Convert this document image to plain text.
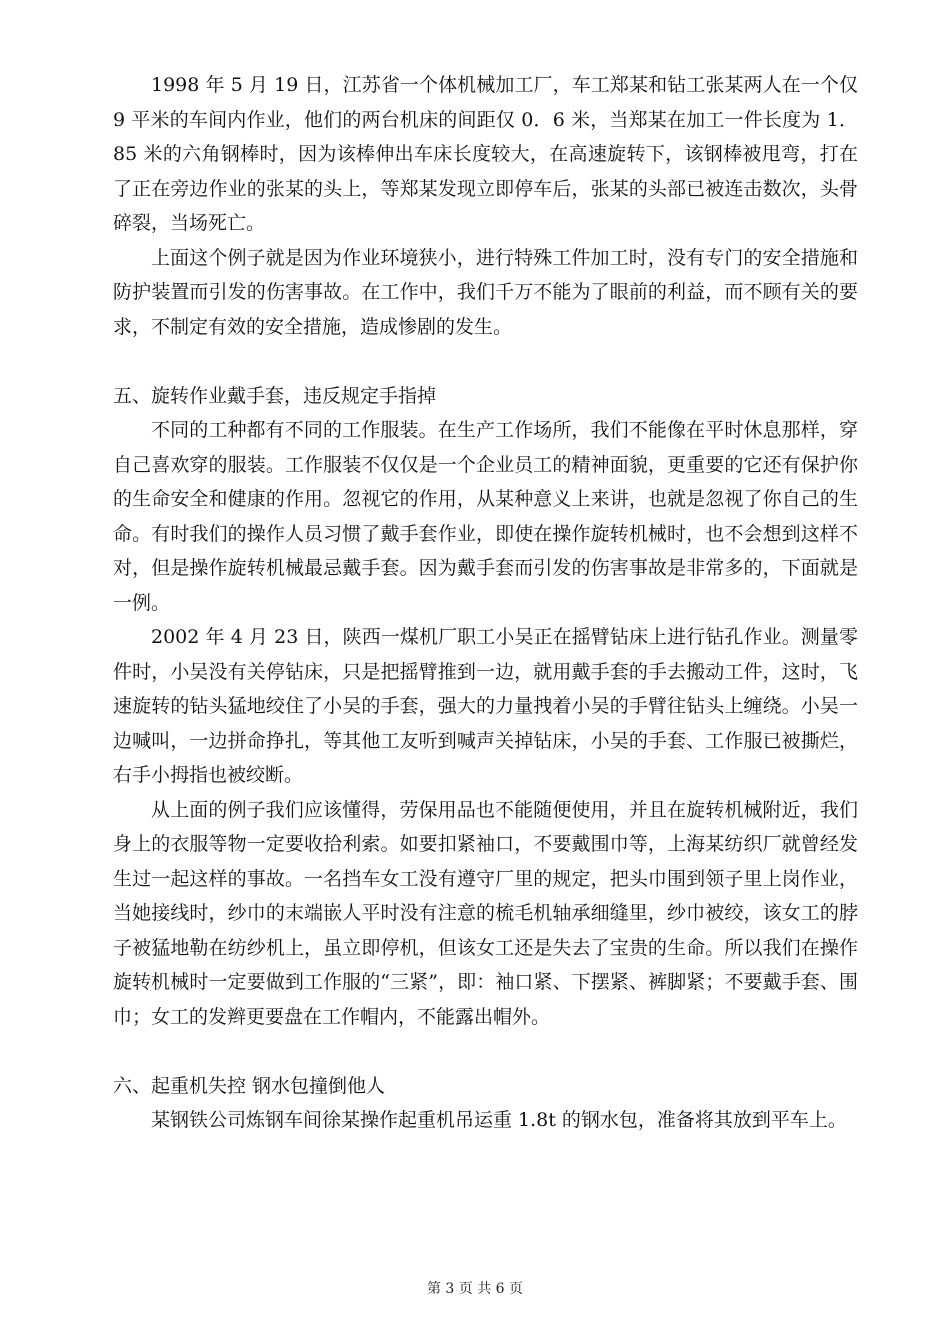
1998 年 5 月 19 日，江苏省一个体机械加工厂，车工郑某和钻工张某两人在一个仅 9 平米的车间内作业，他们的两台机床的间距仅 0．6 米，当郑某在加工一件长度为 1．85 米的六角钢棒时，因为该棒伸出车床长度较大，在高速旋转下，该钢棒被甩弯，打在了正在旁边作业的张某的头上，等郑某发现立即停车后，张某的头部已被连击数次，头骨碎裂，当场死亡。

上面这个例子就是因为作业环境狭小，进行特殊工件加工时，没有专门的安全措施和防护装置而引发的伤害事故。在工作中，我们千万不能为了眼前的利益，而不顾有关的要求，不制定有效的安全措施，造成惨剧的发生。

五、旋转作业戴手套，违反规定手指掉

不同的工种都有不同的工作服装。在生产工作场所，我们不能像在平时休息那样，穿自己喜欢穿的服装。工作服装不仅仅是一个企业员工的精神面貌，更重要的它还有保护你的生命安全和健康的作用。忽视它的作用，从某种意义上来讲，也就是忽视了你自己的生命。有时我们的操作人员习惯了戴手套作业，即使在操作旋转机械时，也不会想到这样不对，但是操作旋转机械最忌戴手套。因为戴手套而引发的伤害事故是非常多的，下面就是一例。

2002 年 4 月 23 日，陕西一煤机厂职工小吴正在摇臂钻床上进行钻孔作业。测量零件时，小吴没有关停钻床，只是把摇臂推到一边，就用戴手套的手去搬动工件，这时，飞速旋转的钻头猛地绞住了小吴的手套，强大的力量拽着小吴的手臂往钻头上缠绕。小吴一边喊叫，一边拼命挣扎，等其他工友听到喊声关掉钻床，小吴的手套、工作服已被撕烂，右手小拇指也被绞断。

从上面的例子我们应该懂得，劳保用品也不能随便使用，并且在旋转机械附近，我们身上的衣服等物一定要收拾利索。如要扣紧袖口，不要戴围巾等，上海某纺织厂就曾经发生过一起这样的事故。一名挡车女工没有遵守厂里的规定，把头巾围到领子里上岗作业，当她接线时，纱巾的末端嵌人平时没有注意的梳毛机轴承细缝里，纱巾被绞，该女工的脖子被猛地勒在纺纱机上，虽立即停机，但该女工还是失去了宝贵的生命。所以我们在操作旋转机械时一定要做到工作服的“三紧”，即：袖口紧、下摆紧、裤脚紧；不要戴手套、围巾；女工的发辫更要盘在工作帽内，不能露出帽外。

六、起重机失控 钢水包撞倒他人

某钢铁公司炼钢车间徐某操作起重机吊运重 1.8t 的钢水包，准备将其放到平车上。

第 3 页 共 6 页
